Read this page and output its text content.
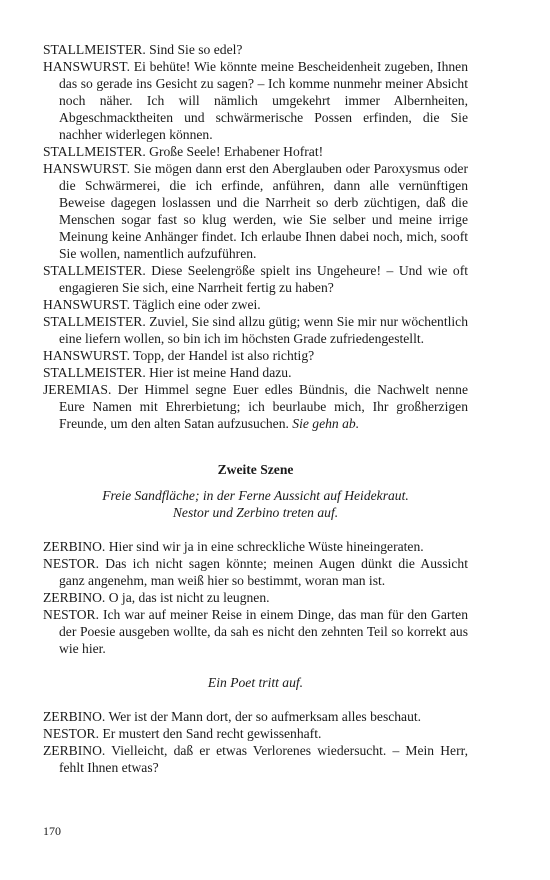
STALLMEISTER. Sind Sie so edel?

HANSWURST. Ei behüte! Wie könnte meine Bescheidenheit zugeben, Ihnen das so gerade ins Gesicht zu sagen? – Ich komme nunmehr meiner Absicht noch näher. Ich will nämlich umgekehrt immer Albernheiten, Abgeschmacktheiten und schwärmerische Possen erfinden, die Sie nachher widerlegen können.

STALLMEISTER. Große Seele! Erhabener Hofrat!

HANSWURST. Sie mögen dann erst den Aberglauben oder Paroxysmus oder die Schwärmerei, die ich erfinde, anführen, dann alle vernünftigen Beweise dagegen loslassen und die Narrheit so derb züchtigen, daß die Menschen sogar fast so klug werden, wie Sie selber und meine irrige Meinung keine Anhänger findet. Ich erlaube Ihnen dabei noch, mich, sooft Sie wollen, namentlich aufzuführen.

STALLMEISTER. Diese Seelengröße spielt ins Ungeheure! – Und wie oft engagieren Sie sich, eine Narrheit fertig zu haben?

HANSWURST. Täglich eine oder zwei.

STALLMEISTER. Zuviel, Sie sind allzu gütig; wenn Sie mir nur wöchentlich eine liefern wollen, so bin ich im höchsten Grade zufriedengestellt.

HANSWURST. Topp, der Handel ist also richtig?

STALLMEISTER. Hier ist meine Hand dazu.

JEREMIAS. Der Himmel segne Euer edles Bündnis, die Nachwelt nenne Eure Namen mit Ehrerbietung; ich beurlaube mich, Ihr großherzigen Freunde, um den alten Satan aufzusuchen. Sie gehn ab.

Zweite Szene

Freie Sandfläche; in der Ferne Aussicht auf Heidekraut.
Nestor und Zerbino treten auf.

ZERBINO. Hier sind wir ja in eine schreckliche Wüste hineingeraten.

NESTOR. Das ich nicht sagen könnte; meinen Augen dünkt die Aussicht ganz angenehm, man weiß hier so bestimmt, woran man ist.

ZERBINO. O ja, das ist nicht zu leugnen.

NESTOR. Ich war auf meiner Reise in einem Dinge, das man für den Garten der Poesie ausgeben wollte, da sah es nicht den zehnten Teil so korrekt aus wie hier.

Ein Poet tritt auf.

ZERBINO. Wer ist der Mann dort, der so aufmerksam alles beschaut.

NESTOR. Er mustert den Sand recht gewissenhaft.

ZERBINO. Vielleicht, daß er etwas Verlorenes wiedersucht. – Mein Herr, fehlt Ihnen etwas?

170
